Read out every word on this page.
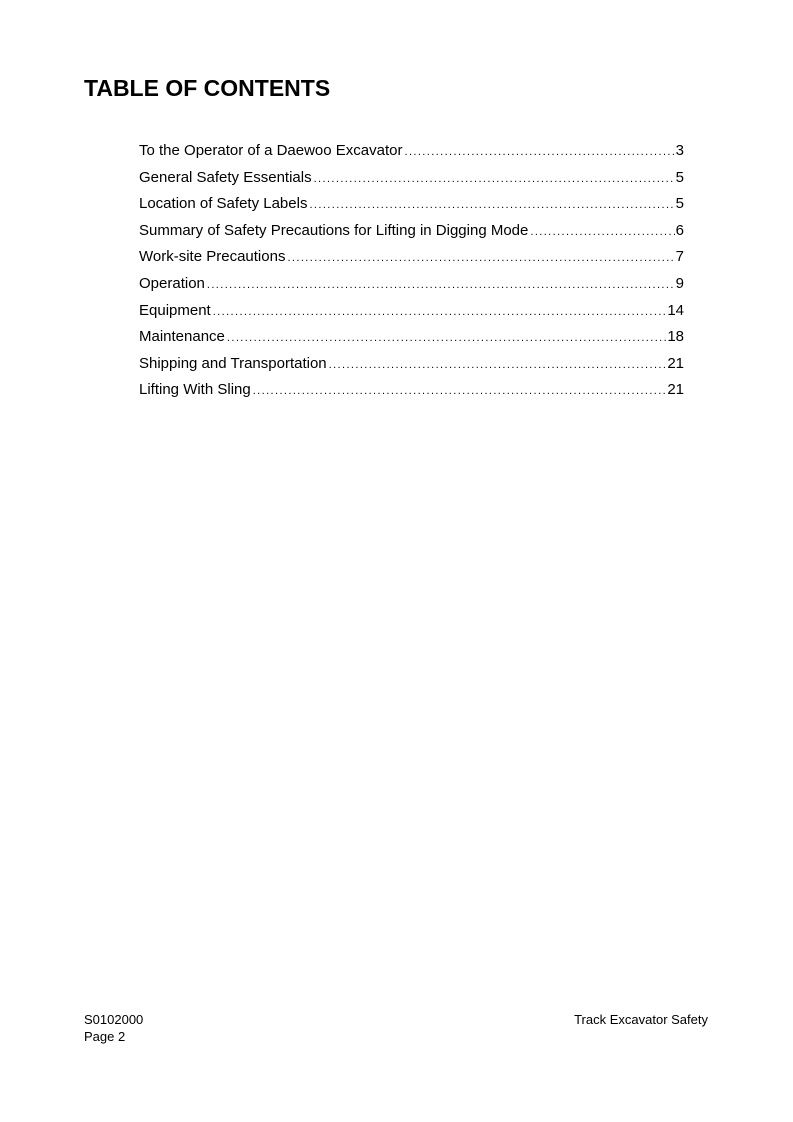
TABLE OF CONTENTS
To the Operator of a Daewoo Excavator .....	3
General Safety Essentials .....	5
Location of Safety Labels .....	5
Summary of Safety Precautions for Lifting in Digging Mode .....	6
Work-site Precautions .....	7
Operation .....	9
Equipment .....	14
Maintenance .....	18
Shipping and Transportation .....	21
Lifting With Sling .....	21
S0102000
Page 2
Track Excavator Safety
